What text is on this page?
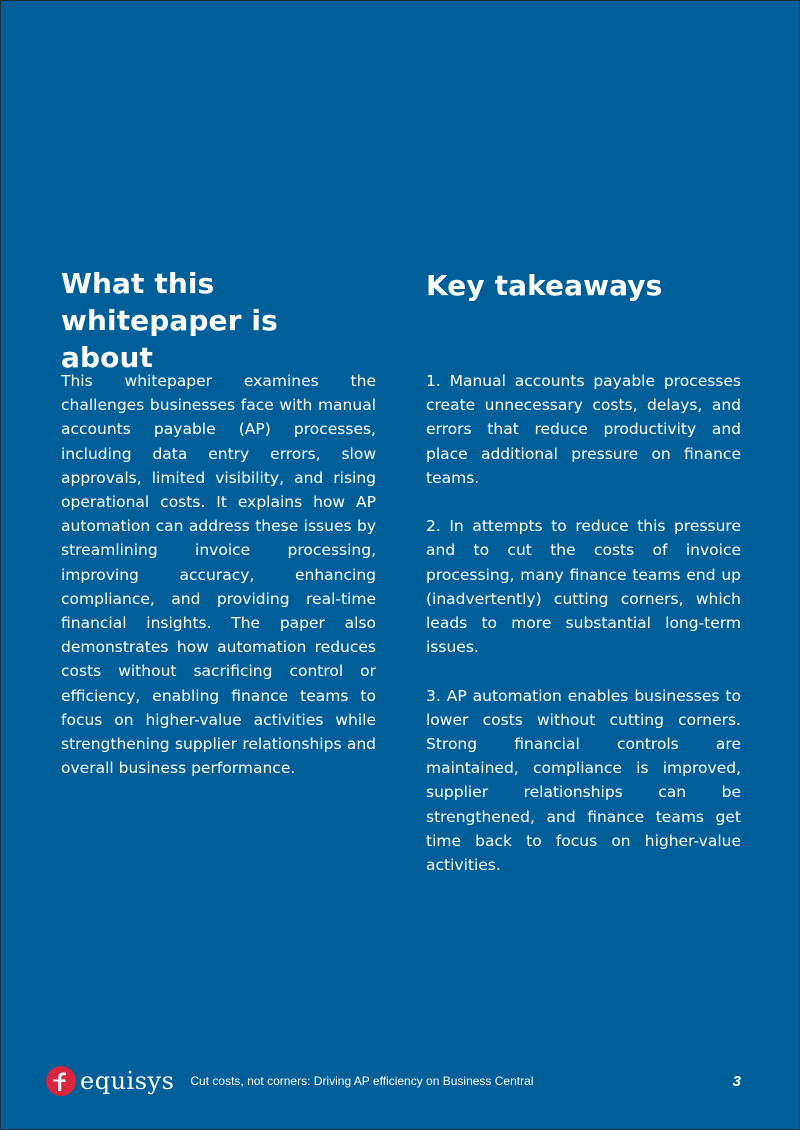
What this whitepaper is about

This whitepaper examines the challenges businesses face with manual accounts payable (AP) processes, including data entry errors, slow approvals, limited visibility, and rising operational costs. It explains how AP automation can address these issues by streamlining invoice processing, improving accuracy, enhancing compliance, and providing real-time financial insights. The paper also demonstrates how automation reduces costs without sacrificing control or efficiency, enabling finance teams to focus on higher-value activities while strengthening supplier relationships and overall business performance.

Key takeaways
1. Manual accounts payable processes create unnecessary costs, delays, and errors that reduce productivity and place additional pressure on finance teams.
2. In attempts to reduce this pressure and to cut the costs of invoice processing, many finance teams end up (inadvertently) cutting corners, which leads to more substantial long-term issues.
3. AP automation enables businesses to lower costs without cutting corners. Strong financial controls are maintained, compliance is improved, supplier relationships can be strengthened, and finance teams get time back to focus on higher-value activities.
equisys Cut costs, not corners: Driving AP efficiency on Business Central	3
